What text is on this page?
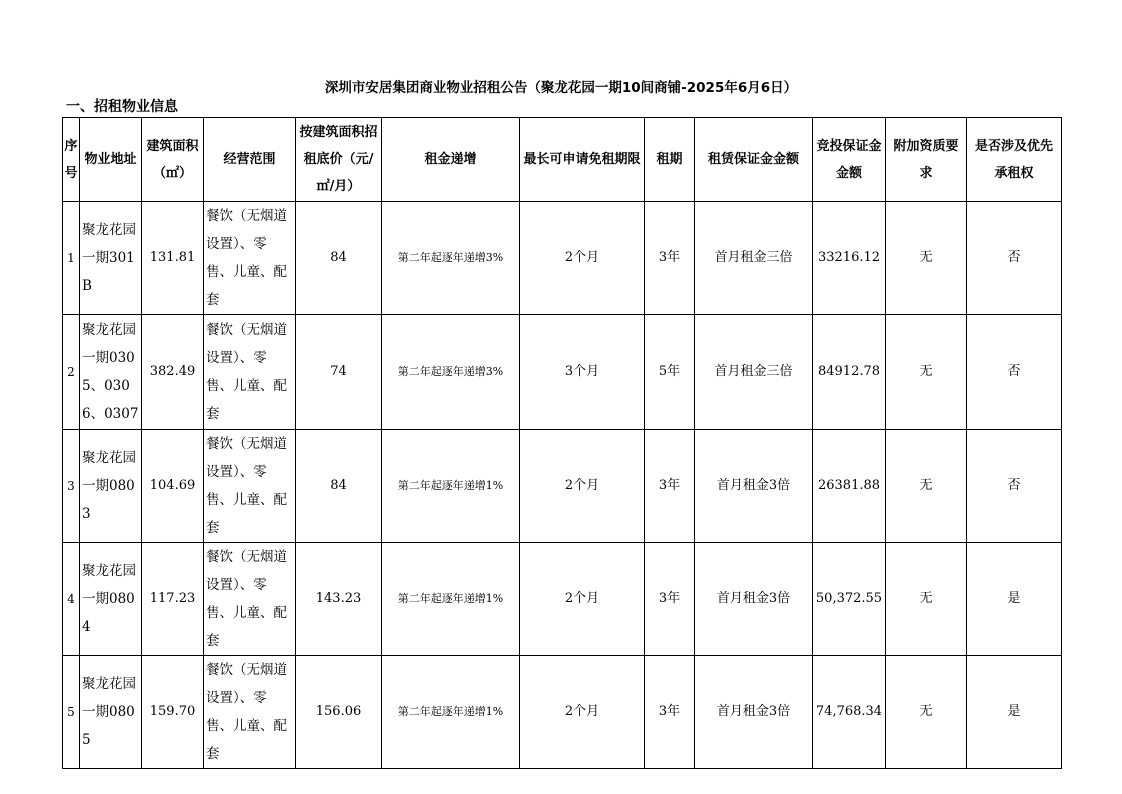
深圳市安居集团商业物业招租公告（聚龙花园一期10间商铺-2025年6月6日）
一、招租物业信息
序号	物业地址	建筑面积（㎡）	经营范围	按建筑面积招租底价（元/㎡/月）	租金递增	最长可申请免租期限	租期	租赁保证金金额	竞投保证金金额	附加资质要求	是否涉及优先承租权
1	聚龙花园一期301B	131.81	餐饮（无烟道设置）、零售、儿童、配套	84	第二年起逐年递增3%	2个月	3年	首月租金三倍	33216.12	无	否
2	聚龙花园一期0305、0306、0307	382.49	餐饮（无烟道设置）、零售、儿童、配套	74	第二年起逐年递增3%	3个月	5年	首月租金三倍	84912.78	无	否
3	聚龙花园一期0803	104.69	餐饮（无烟道设置）、零售、儿童、配套	84	第二年起逐年递增1%	2个月	3年	首月租金3倍	26381.88	无	否
4	聚龙花园一期0804	117.23	餐饮（无烟道设置）、零售、儿童、配套	143.23	第二年起逐年递增1%	2个月	3年	首月租金3倍	50,372.55	无	是
5	聚龙花园一期0805	159.70	餐饮（无烟道设置）、零售、儿童、配套	156.06	第二年起逐年递增1%	2个月	3年	首月租金3倍	74,768.34	无	是
